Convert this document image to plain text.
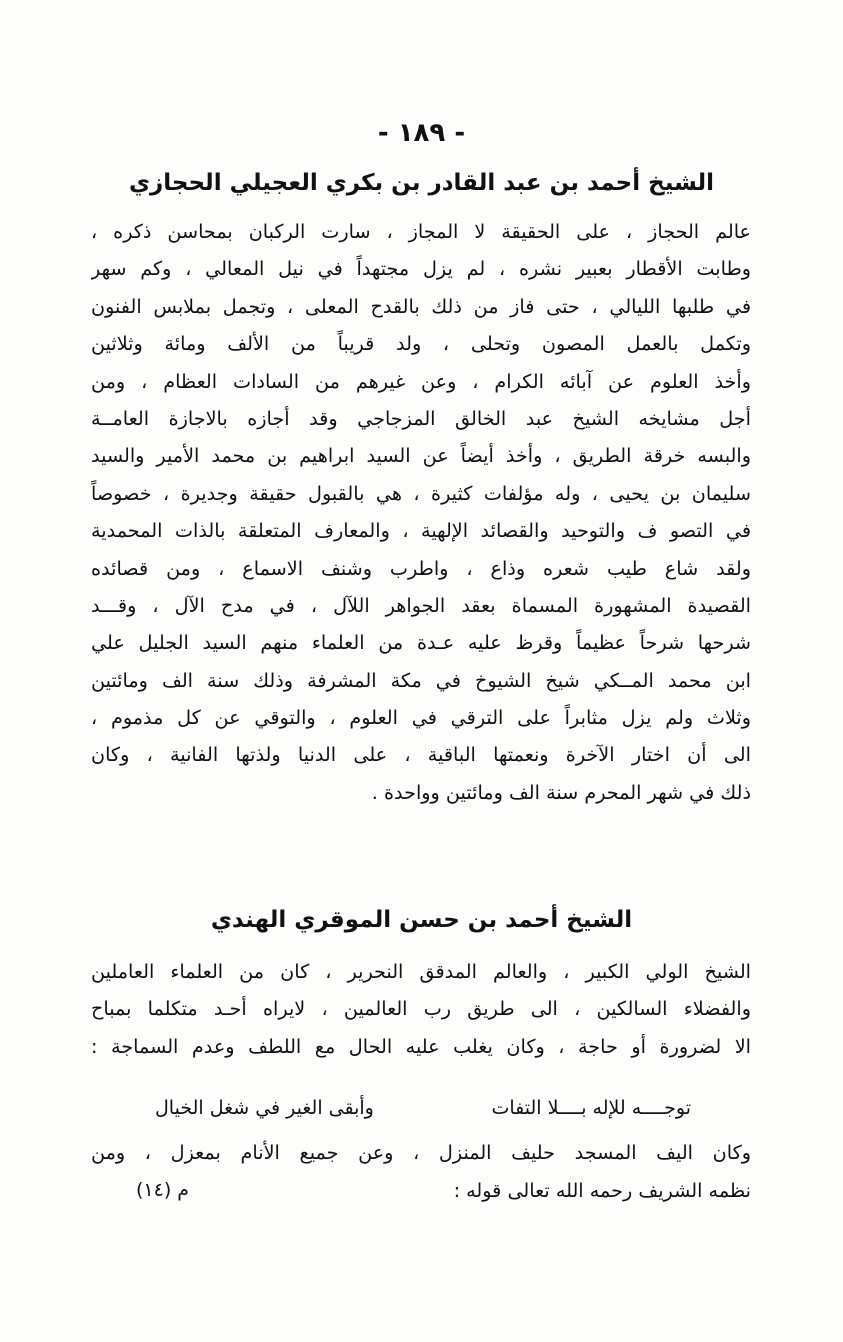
- ١٨٩ -
الشيخ أحمد بن عبد القادر بن بكري العجيلي الحجازي
عالم الحجاز ، على الحقيقة لا المجاز ، سارت الركبان بمحاسن ذكره ،
وطابت الأقطار بعبير نشره ، لم يزل مجتهداً في نيل المعالي ، وكم سهر
في طلبها الليالي ، حتى فاز من ذلك بالقدح المعلى ، وتجمل بملابس الفنون
وتكمل بالعمل المصون وتحلى ، ولد قريباً من الألف ومائة وثلاثين
وأخذ العلوم عن آبائه الكرام ، وعن غيرهم من السادات العظام ، ومن
أجل مشايخه الشيخ عبد الخالق المزجاجي وقد أجازه بالاجازة العامــة
والبسه خرقة الطريق ، وأخذ أيضاً عن السيد ابراهيم بن محمد الأمير والسيد
سليمان بن يحيى ، وله مؤلفات كثيرة ، هي بالقبول حقيقة وجديرة ، خصوصاً
في التصو ف والتوحيد والقصائد الإلهية ، والمعارف المتعلقة بالذات المحمدية
ولقد شاع طيب شعره وذاع ، واطرب وشنف الاسماع ، ومن قصائده
القصيدة المشهورة المسماة بعقد الجواهر اللآل ، في مدح الآل ، وقـــد
شرحها شرحاً عظيماً وقرظ عليه عـدة من العلماء منهم السيد الجليل علي
ابن محمد المــكي شيخ الشيوخ في مكة المشرفة وذلك سنة الف ومائتين
وثلاث ولم يزل مثابراً على الترقي في العلوم ، والتوقي عن كل مذموم ،
الى أن اختار الآخرة ونعمتها الباقية ، على الدنيا ولذتها الفانية ، وكان
ذلك في شهر المحرم سنة الف ومائتين وواحدة .
الشيخ أحمد بن حسن الموقري الهندي
الشيخ الولي الكبير ، والعالم المدقق النحرير ، كان من العلماء العاملين
والفضلاء السالكين ، الى طريق رب العالمين ، لايراه أحـد متكلما بمباح
الا لضرورة أو حاجة ، وكان يغلب عليه الحال مع اللطف وعدم السماجة :
توجــــه للإله بــــلا التفات
وأبقى الغير في شغل الخيال
وكان اليف المسجد حليف المنزل ، وعن جميع الأنام بمعزل ، ومن
نظمه الشريف رحمه الله تعالى قوله :
م (١٤)
